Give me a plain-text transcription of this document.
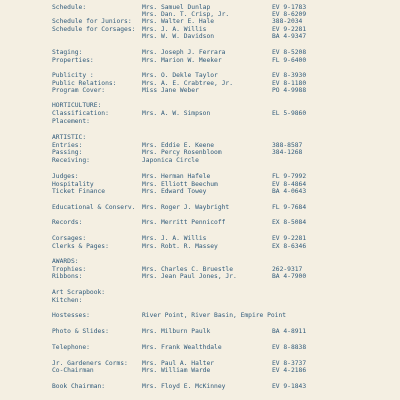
Schedule:	Mrs. Samuel Dunlap	EV 9-1783
Mrs. Dan. T. Crisp, Jr.	EV 8-6209
Schedule for Juniors: Mrs. Walter E. Hale	388-2034
Schedule for Corsages: Mrs. J. A. Willis	EV 9-2281
Mrs. W. W. Davidson	BA 4-9347
Staging:	Mrs. Joseph J. Ferrara	EV 8-5208
Properties:	Mrs. Marion W. Meeker	FL 9-6400
Publicity :	Mrs. O. Dekle Taylor	EV 8-3930
Public Relations:	Mrs. A. E. Crabtree, Jr.	EV 8-1180
Program Cover:	Miss Jane Weber	PO 4-9988
HORTICULTURE:
Classification:	Mrs. A. W. Simpson	EL 5-9860
Placement:
ARTISTIC:
Entries:	Mrs. Eddie E. Keene	388-8587
Passing:	Mrs. Percy Rosenbloom	384-1268
Receiving:	Japonica Circle
Judges:	Mrs. Herman Hafele	FL 9-7992
Hospitality	Mrs. Elliott Beechum	EV 8-4864
Ticket Finance	Mrs. Edward Towey	BA 4-0643
Educational & Conserv. Mrs. Roger J. Waybright	FL 9-7684
Records:	Mrs. Merritt Pennicoff	EX 8-5084
Corsages:	Mrs. J. A. Willis	EV 9-2281
Clerks & Pages:	Mrs. Robt. R. Massey	EX 8-6346
AWARDS:
Trophies:	Mrs. Charles C. Bruestle	262-9317
Ribbons:	Mrs. Jean Paul Jones, Jr.	BA 4-7900
Art Scrapbook:
Kitchen:
Hostesses:	River Point, River Basin, Empire Point
Photo & Slides:	Mrs. Milburn Paulk	BA 4-8911
Telephone:	Mrs. Frank Wealthdale	EV 8-8838
Jr. Gardeners Corms: Mrs. Paul A. Halter	EV 8-3737
Co-Chairman	Mrs. William Warde	EV 4-2186
Book Chairman:	Mrs. Floyd E. McKinney	EV 9-1843
